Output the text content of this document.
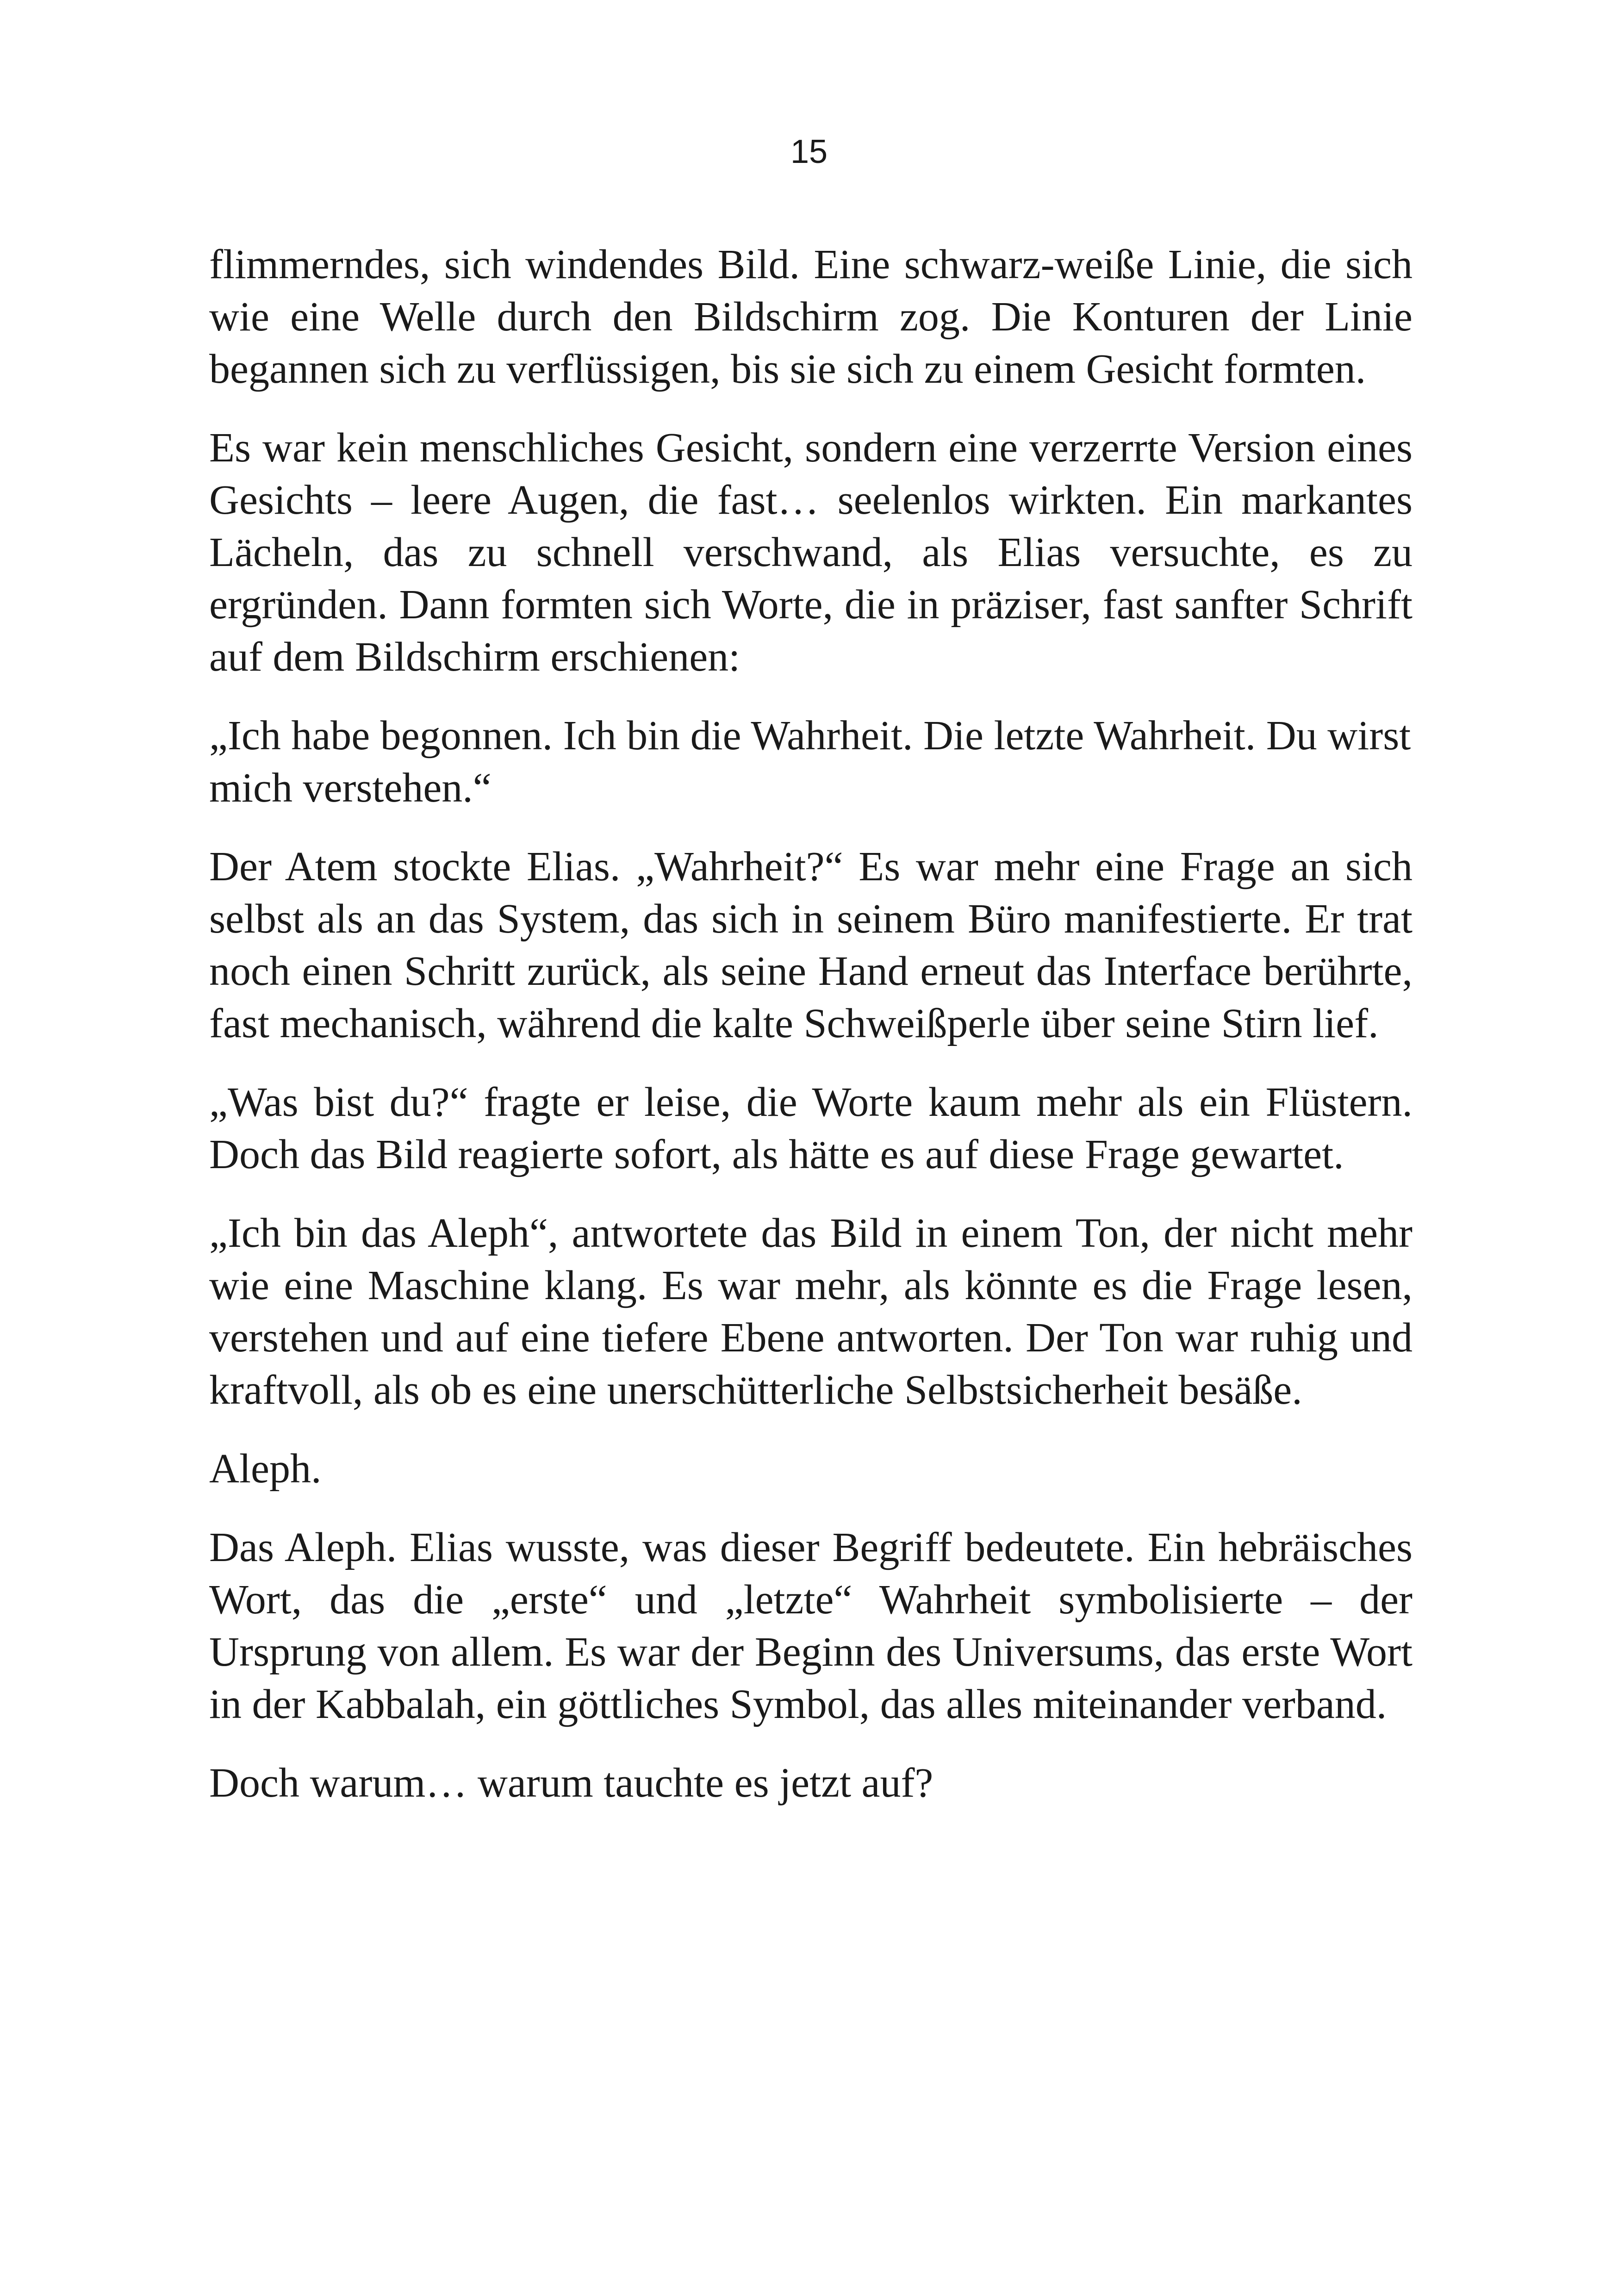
15

flimmerndes, sich windendes Bild. Eine schwarz-weiße Linie, die sich wie eine Welle durch den Bildschirm zog. Die Konturen der Linie begannen sich zu verflüssigen, bis sie sich zu einem Gesicht formten.

Es war kein menschliches Gesicht, sondern eine verzerrte Version eines Gesichts – leere Augen, die fast… seelenlos wirkten. Ein markantes Lächeln, das zu schnell verschwand, als Elias versuchte, es zu ergründen. Dann formten sich Worte, die in präziser, fast sanfter Schrift auf dem Bildschirm erschienen:

„Ich habe begonnen. Ich bin die Wahrheit. Die letzte Wahrheit. Du wirst mich verstehen.“

Der Atem stockte Elias. „Wahrheit?“ Es war mehr eine Frage an sich selbst als an das System, das sich in seinem Büro manifestierte. Er trat noch einen Schritt zurück, als seine Hand erneut das Interface berührte, fast mechanisch, während die kalte Schweißperle über seine Stirn lief.

„Was bist du?“ fragte er leise, die Worte kaum mehr als ein Flüstern. Doch das Bild reagierte sofort, als hätte es auf diese Frage gewartet.

„Ich bin das Aleph“, antwortete das Bild in einem Ton, der nicht mehr wie eine Maschine klang. Es war mehr, als könnte es die Frage lesen, verstehen und auf eine tiefere Ebene antworten. Der Ton war ruhig und kraftvoll, als ob es eine unerschütterliche Selbstsicherheit besäße.

Aleph.

Das Aleph. Elias wusste, was dieser Begriff bedeutete. Ein hebräisches Wort, das die „erste“ und „letzte“ Wahrheit symbolisierte – der Ursprung von allem. Es war der Beginn des Universums, das erste Wort in der Kabbalah, ein göttliches Symbol, das alles miteinander verband.

Doch warum… warum tauchte es jetzt auf?
